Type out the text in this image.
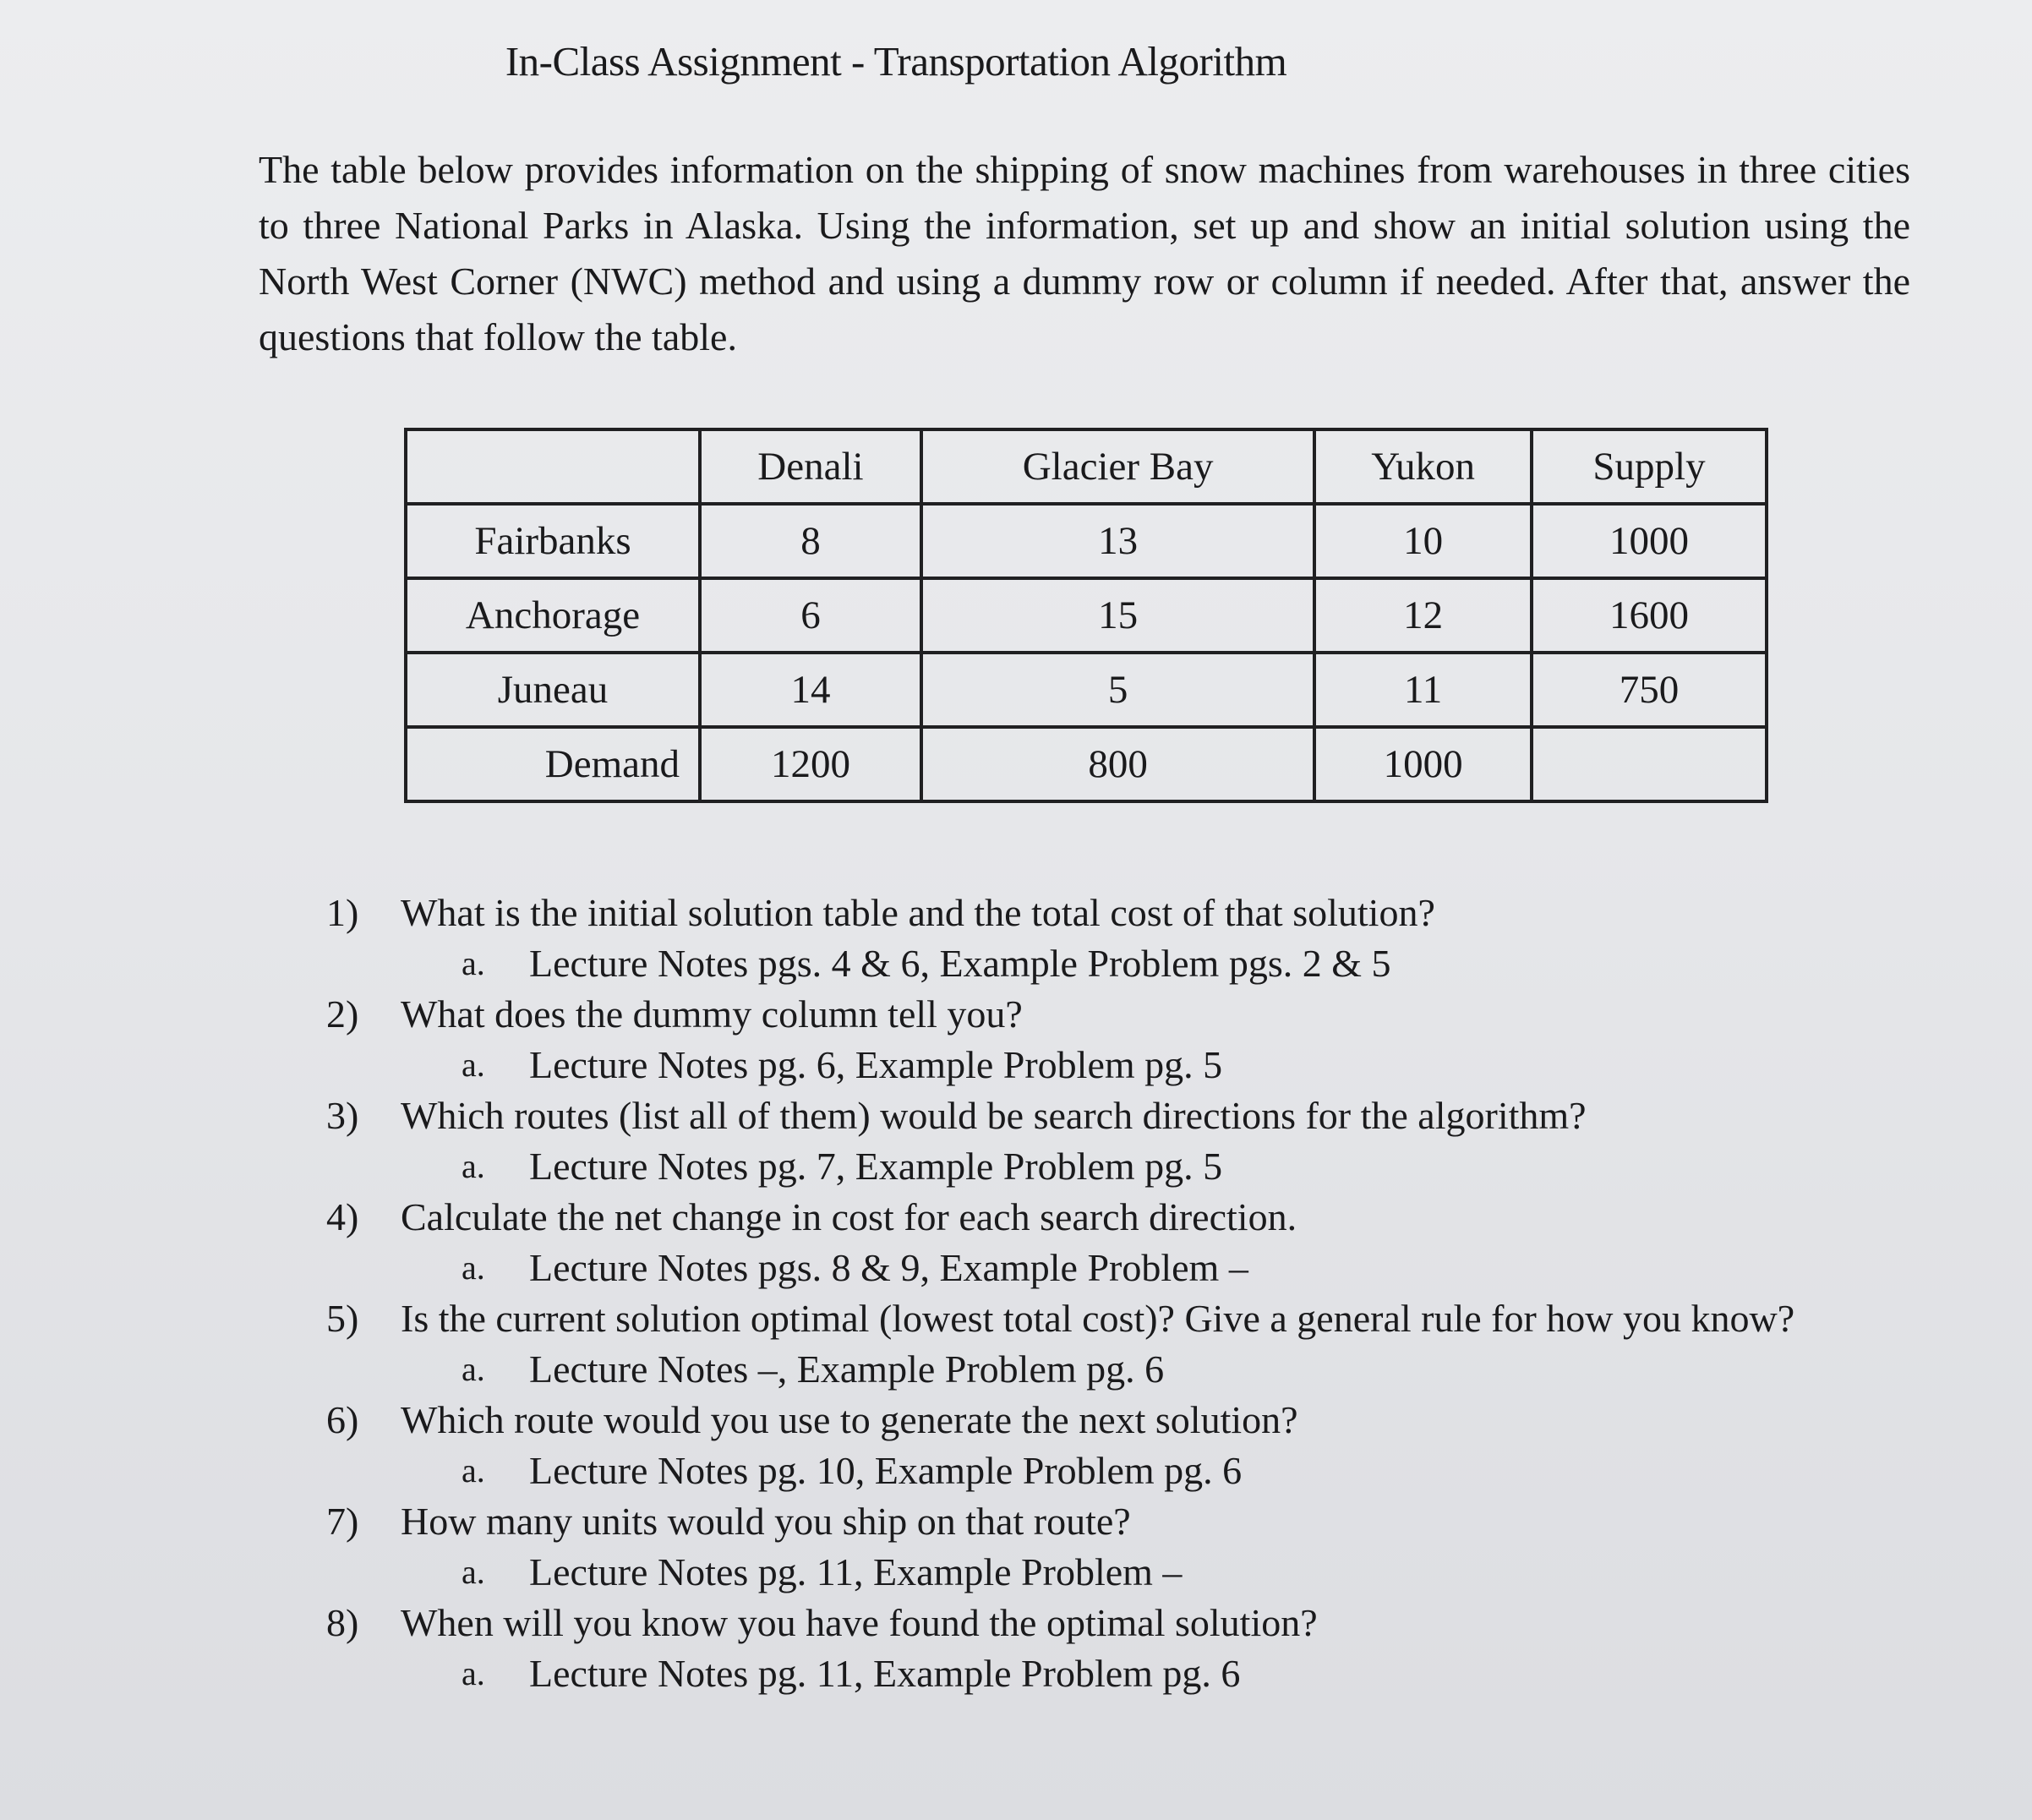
In-Class Assignment - Transportation Algorithm
The table below provides information on the shipping of snow machines from warehouses in three cities to three National Parks in Alaska. Using the information, set up and show an initial solution using the North West Corner (NWC) method and using a dummy row or column if needed. After that, answer the questions that follow the table.
	Denali	Glacier Bay	Yukon	Supply
Fairbanks	8	13	10	1000
Anchorage	6	15	12	1600
Juneau	14	5	11	750
Demand	1200	800	1000	
1) What is the initial solution table and the total cost of that solution?
a. Lecture Notes pgs. 4 & 6, Example Problem pgs. 2 & 5
2) What does the dummy column tell you?
a. Lecture Notes pg. 6, Example Problem pg. 5
3) Which routes (list all of them) would be search directions for the algorithm?
a. Lecture Notes pg. 7, Example Problem pg. 5
4) Calculate the net change in cost for each search direction.
a. Lecture Notes pgs. 8 & 9, Example Problem –
5) Is the current solution optimal (lowest total cost)? Give a general rule for how you know?
a. Lecture Notes –, Example Problem pg. 6
6) Which route would you use to generate the next solution?
a. Lecture Notes pg. 10, Example Problem pg. 6
7) How many units would you ship on that route?
a. Lecture Notes pg. 11, Example Problem –
8) When will you know you have found the optimal solution?
a. Lecture Notes pg. 11, Example Problem pg. 6
